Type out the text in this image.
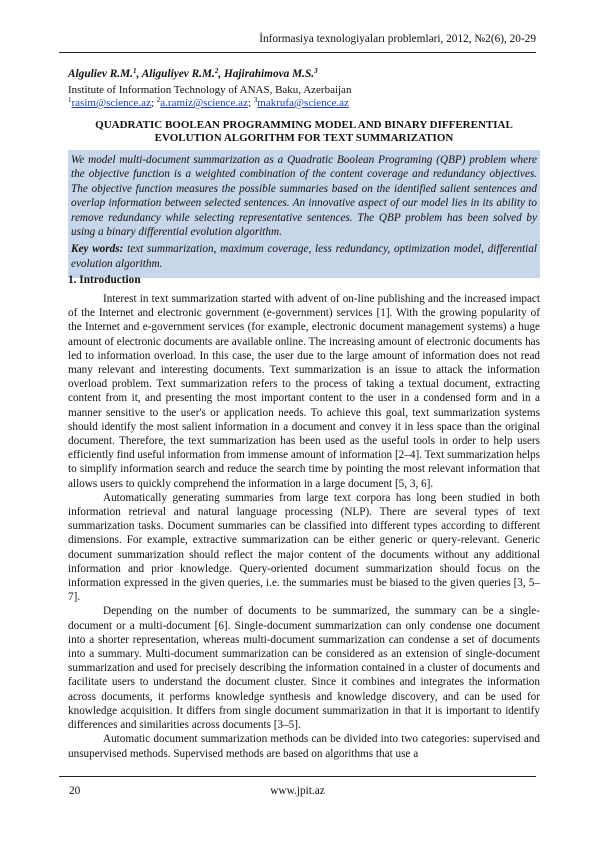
İnformasiya texnologiyaları problemləri, 2012, №2(6), 20-29
Alguliev R.M.$^1$, Aliguliyev R.M.$^2$, Hajirahimova M.S.$^3$
Institute of Information Technology of ANAS, Baku, Azerbaijan
$^1$rasim@science.az; $^2$a.ramiz@science.az; $^3$makrufa@science.az
QUADRATIC BOOLEAN PROGRAMMING MODEL AND BINARY DIFFERENTIAL
EVOLUTION ALGORITHM FOR TEXT SUMMARIZATION

We model multi-document summarization as a Quadratic Boolean Programing (QBP) problem where the objective function is a weighted combination of the content coverage and redundancy objectives. The objective function measures the possible summaries based on the identified salient sentences and overlap information between selected sentences. An innovative aspect of our model lies in its ability to remove redundancy while selecting representative sentences. The QBP problem has been solved by using a binary differential evolution algorithm.

Key words: text summarization, maximum coverage, less redundancy, optimization model, differential evolution algorithm.

1. Introduction

Interest in text summarization started with advent of on-line publishing and the increased impact of the Internet and electronic government (e-government) services [1]. With the growing popularity of the Internet and e-government services (for example, electronic document management systems) a huge amount of electronic documents are available online. The increasing amount of electronic documents has led to information overload. In this case, the user due to the large amount of information does not read many relevant and interesting documents. Text summarization is an issue to attack the information overload problem. Text summarization refers to the process of taking a textual document, extracting content from it, and presenting the most important content to the user in a condensed form and in a manner sensitive to the user's or application needs. To achieve this goal, text summarization systems should identify the most salient information in a document and convey it in less space than the original document. Therefore, the text summarization has been used as the useful tools in order to help users efficiently find useful information from immense amount of information [2–4]. Text summarization helps to simplify information search and reduce the search time by pointing the most relevant information that allows users to quickly comprehend the information in a large document [5, 3, 6].

Automatically generating summaries from large text corpora has long been studied in both information retrieval and natural language processing (NLP). There are several types of text summarization tasks. Document summaries can be classified into different types according to different dimensions. For example, extractive summarization can be either generic or query-relevant. Generic document summarization should reflect the major content of the documents without any additional information and prior knowledge. Query-oriented document summarization should focus on the information expressed in the given queries, i.e. the summaries must be biased to the given queries [3, 5–7].

Depending on the number of documents to be summarized, the summary can be a single-document or a multi-document [6]. Single-document summarization can only condense one document into a shorter representation, whereas multi-document summarization can condense a set of documents into a summary. Multi-document summarization can be considered as an extension of single-document summarization and used for precisely describing the information contained in a cluster of documents and facilitate users to understand the document cluster. Since it combines and integrates the information across documents, it performs knowledge synthesis and knowledge discovery, and can be used for knowledge acquisition. It differs from single document summarization in that it is important to identify differences and similarities across documents [3–5].

Automatic document summarization methods can be divided into two categories: supervised and unsupervised methods. Supervised methods are based on algorithms that use a

20	www.jpit.az
